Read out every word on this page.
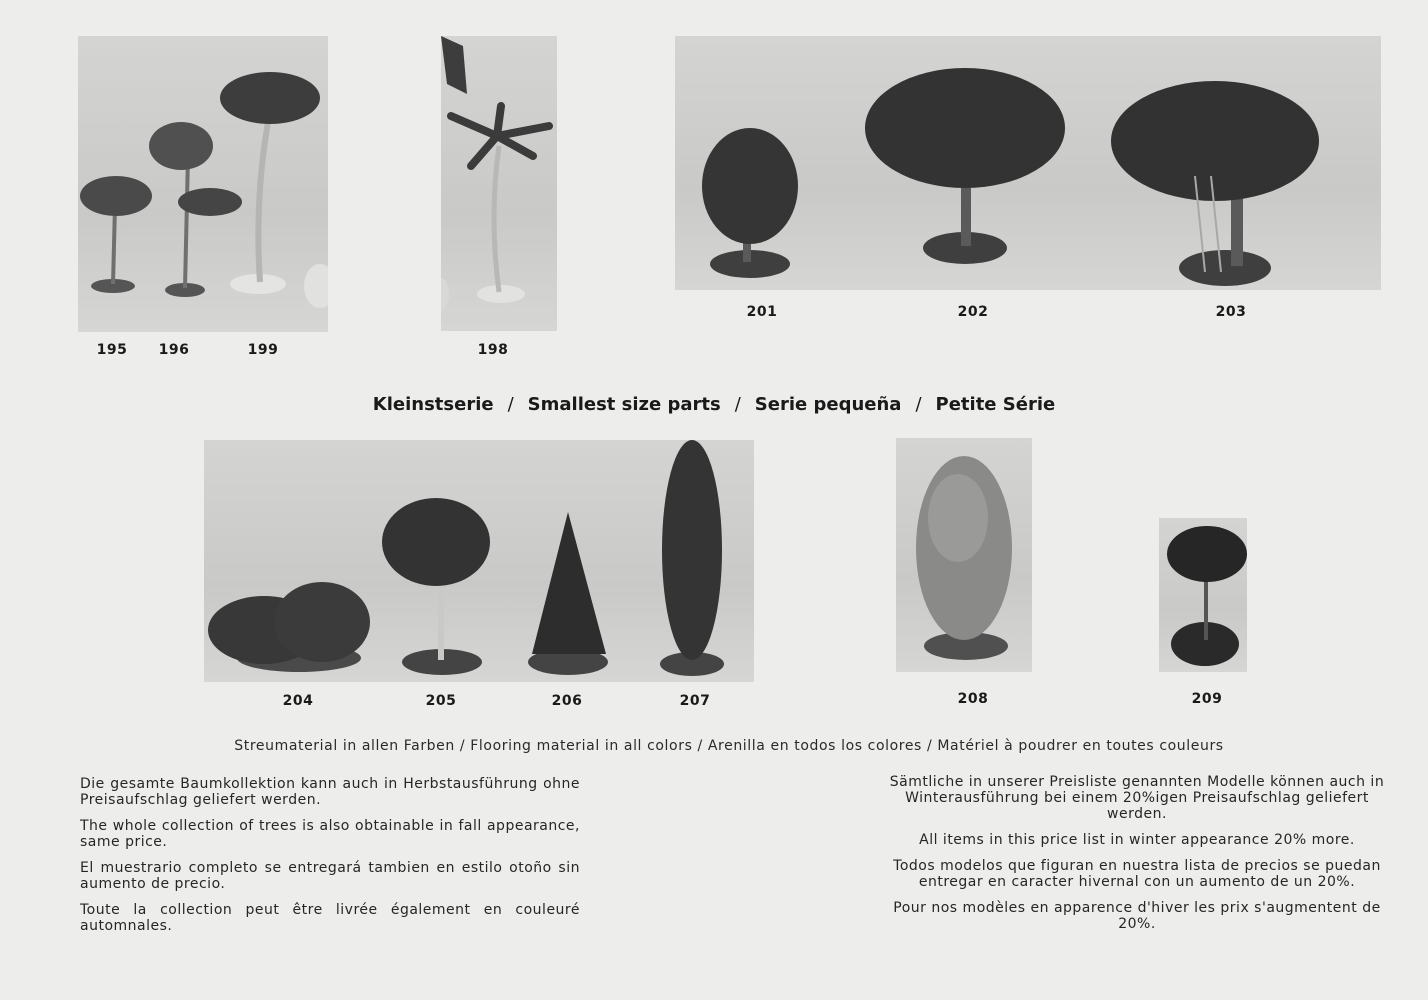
195 196	199	198
201	202	203
Kleinstserie / Smallest size parts / Serie pequeña / Petite Série
204	205	206	207	208	209
Streumaterial in allen Farben / Flooring material in all colors / Arenilla en todos los colores / Matériel à poudrer en toutes couleurs

Die gesamte Baumkollektion kann auch in Herbstausführung ohne Preisaufschlag geliefert werden.

The whole collection of trees is also obtainable in fall appearance, same price.

El muestrario completo se entregará tambien en estilo otoño sin aumento de precio.

Toute la collection peut être livrée également en couleuré automnales.

Sämtliche in unserer Preisliste genannten Modelle können auch in Winterausführung bei einem 20%igen Preisaufschlag geliefert werden.

All items in this price list in winter appearance 20% more.

Todos modelos que figuran en nuestra lista de precios se puedan entregar en caracter hivernal con un aumento de un 20%.

Pour nos modèles en apparence d'hiver les prix s'augmentent de 20%.
